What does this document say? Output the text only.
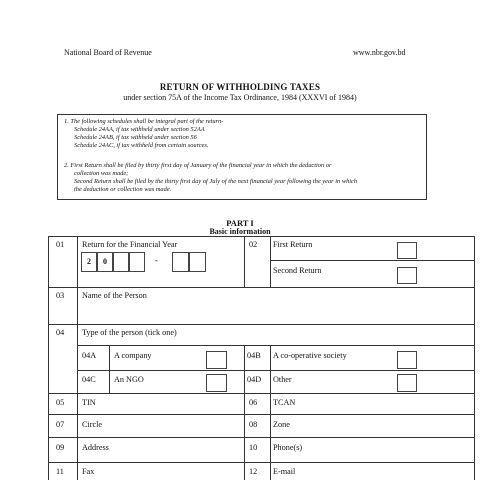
National Board of Revenue	www.nbr.gov.bd
RETURN OF WITHHOLDING TAXES
under section 75A of the Income Tax Ordinance, 1984 (XXXVI of 1984)
1. The following schedules shall be integral part of the return-
Schedule 24AA, if tax withheld under section 52AA
Schedule 24AB, if tax withheld under section 56
Schedule 24AC, if tax withheld from certain sources.
2. First Return shall be filed by thirty first day of January of the financial year in which the deduction or
collection was made;
Second Return shall be filed by the thirty first day of July of the next financial year following the year in which
the deduction or collection was made.
PART I
Basic information
01 Return for the Financial Year
2	0	-
02 First Return
Second Return
03 Name of the Person
04 Type of the person (tick one)
04A A company	04B A co-operative society
04C An NGO	04D Other
05 TIN	06 TCAN
07 Circle	08 Zone
09 Address	10 Phone(s)
11 Fax	12 E-mail
